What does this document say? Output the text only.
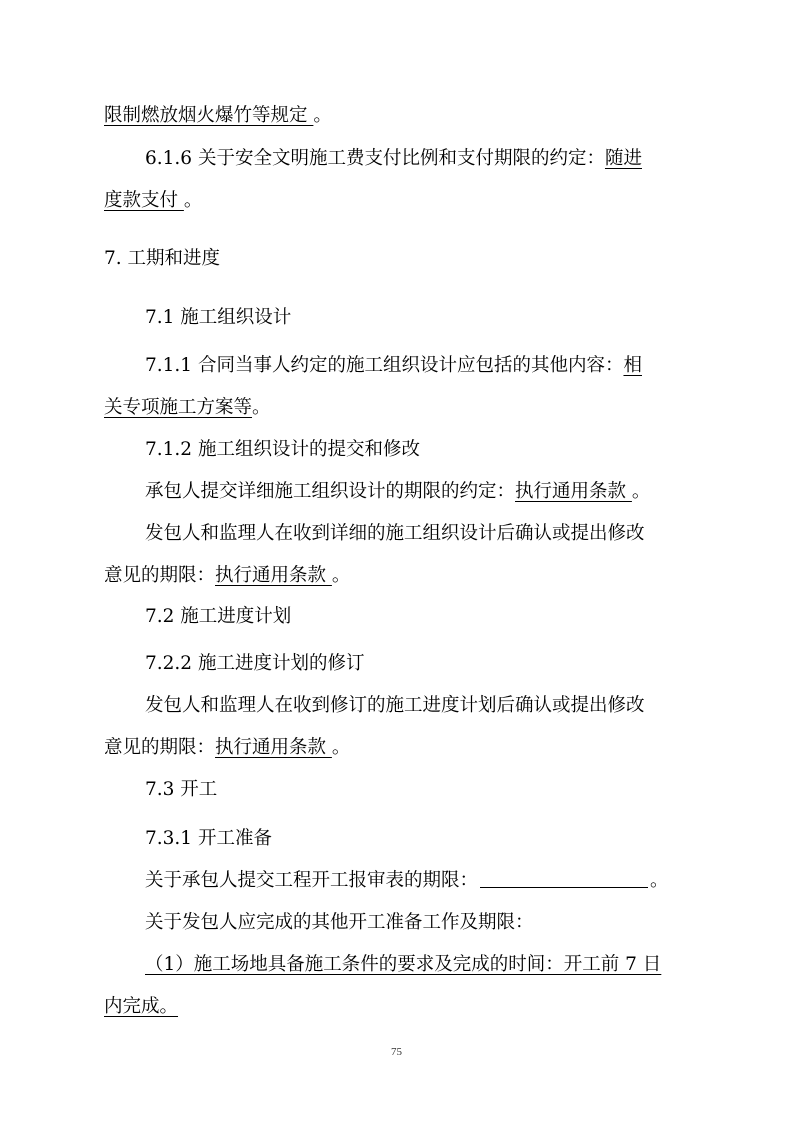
限制燃放烟火爆竹等规定 。
6.1.6 关于安全文明施工费支付比例和支付期限的约定：随进
度款支付 。
7. 工期和进度
7.1 施工组织设计
7.1.1 合同当事人约定的施工组织设计应包括的其他内容：相
关专项施工方案等。
7.1.2 施工组织设计的提交和修改
承包人提交详细施工组织设计的期限的约定：执行通用条款 。
发包人和监理人在收到详细的施工组织设计后确认或提出修改
意见的期限：执行通用条款 。
7.2 施工进度计划
7.2.2 施工进度计划的修订
发包人和监理人在收到修订的施工进度计划后确认或提出修改
意见的期限：执行通用条款 。
7.3 开工
7.3.1 开工准备
关于承包人提交工程开工报审表的期限：	。
关于发包人应完成的其他开工准备工作及期限：
（1）施工场地具备施工条件的要求及完成的时间：开工前 7 日
内完成。
75
